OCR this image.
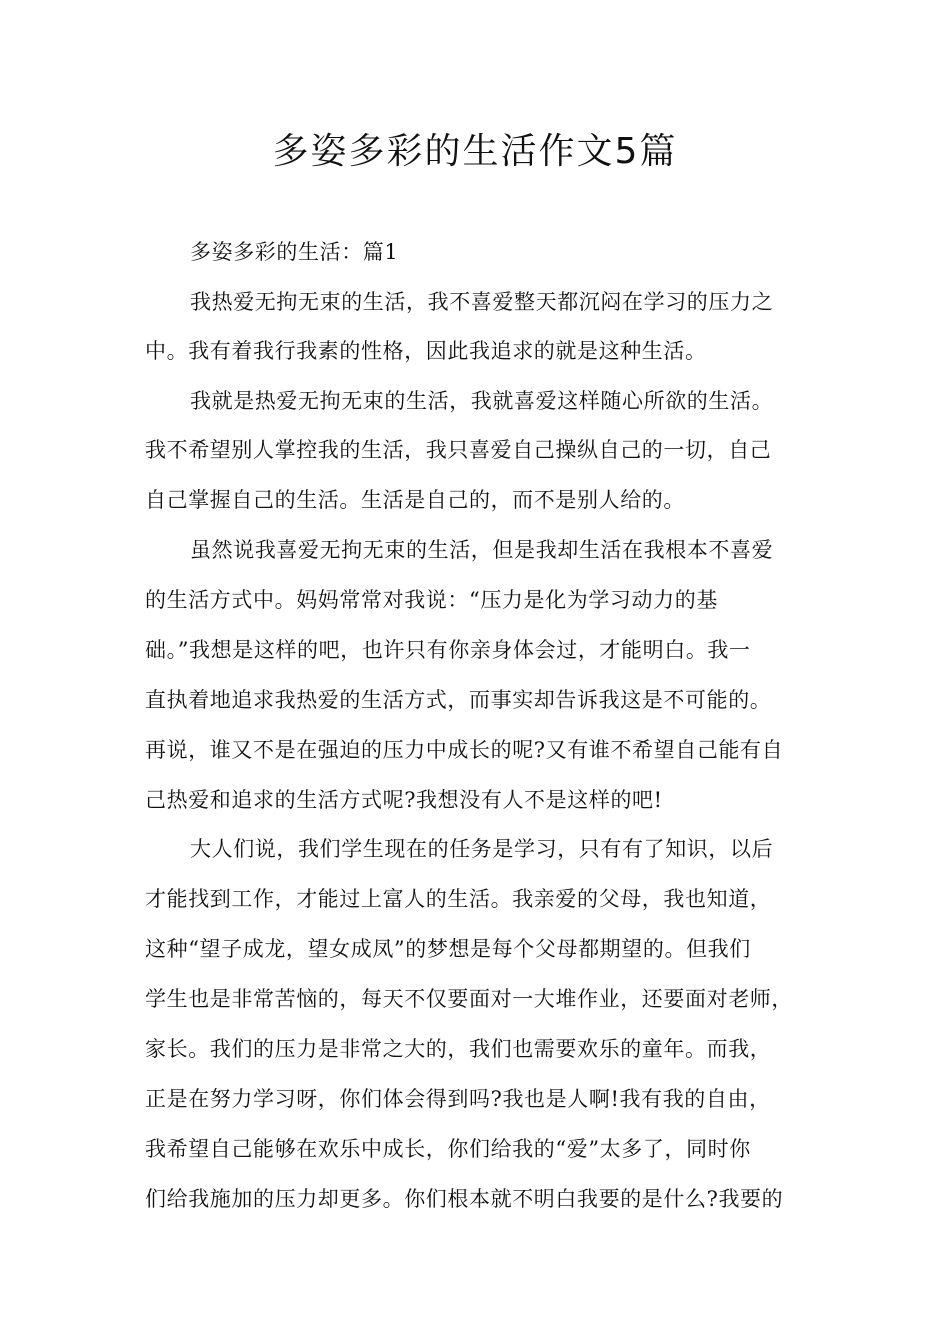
多姿多彩的生活作文5篇
多姿多彩的生活：篇1
我热爱无拘无束的生活，我不喜爱整天都沉闷在学习的压力之
中。我有着我行我素的性格，因此我追求的就是这种生活。
我就是热爱无拘无束的生活，我就喜爱这样随心所欲的生活。
我不希望别人掌控我的生活，我只喜爱自己操纵自己的一切，自己
自己掌握自己的生活。生活是自己的，而不是别人给的。
虽然说我喜爱无拘无束的生活，但是我却生活在我根本不喜爱
的生活方式中。妈妈常常对我说：“压力是化为学习动力的基
础。”我想是这样的吧，也许只有你亲身体会过，才能明白。我一
直执着地追求我热爱的生活方式，而事实却告诉我这是不可能的。
再说，谁又不是在强迫的压力中成长的呢?又有谁不希望自己能有自
己热爱和追求的生活方式呢?我想没有人不是这样的吧!
大人们说，我们学生现在的任务是学习，只有有了知识，以后
才能找到工作，才能过上富人的生活。我亲爱的父母，我也知道，
这种“望子成龙，望女成凤”的梦想是每个父母都期望的。但我们
学生也是非常苦恼的，每天不仅要面对一大堆作业，还要面对老师，
家长。我们的压力是非常之大的，我们也需要欢乐的童年。而我，
正是在努力学习呀，你们体会得到吗?我也是人啊!我有我的自由，
我希望自己能够在欢乐中成长，你们给我的“爱”太多了，同时你
们给我施加的压力却更多。你们根本就不明白我要的是什么?我要的
